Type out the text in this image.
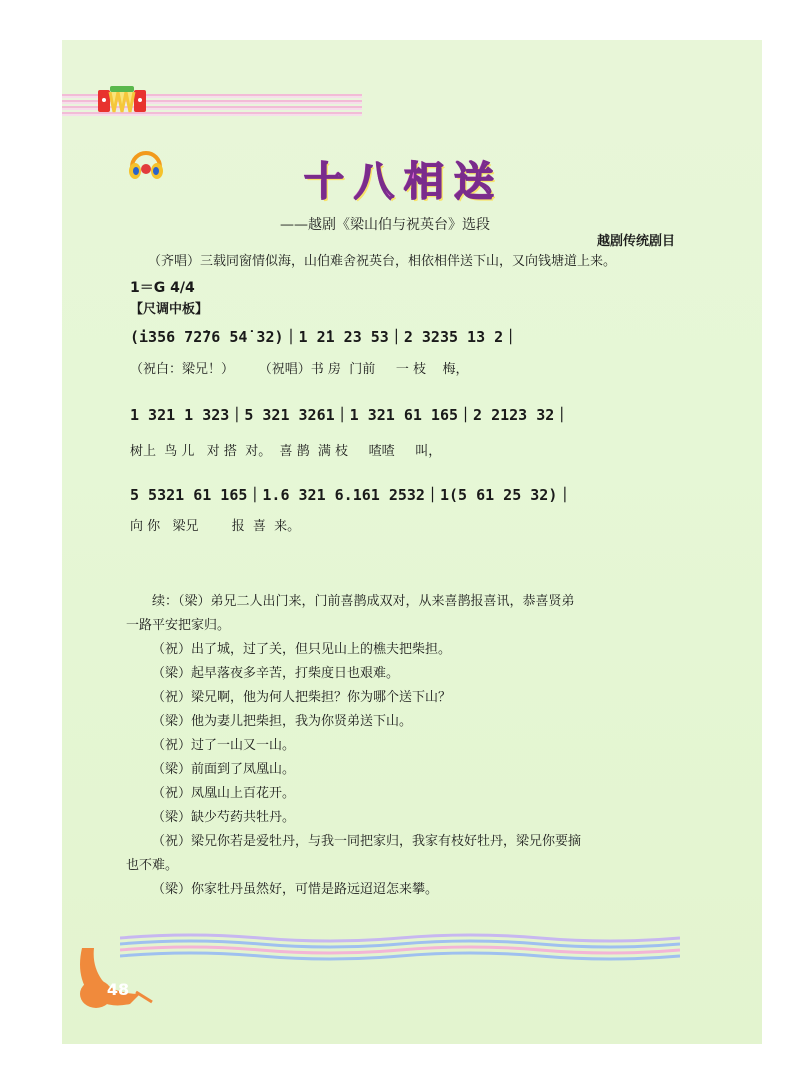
十八相送
——越剧《梁山伯与祝英台》选段
越剧传统剧目
（齐唱）三载同窗情似海，山伯难舍祝英台，相依相伴送下山，又向钱塘道上来。
1＝G 4/4
【尺调中板】
(i356 72̇76 54̇ 32)｜1 2̇1 23 53｜2 3235 13 2｜
（祝白：梁兄！）      （祝唱）书 房  门前     一 枝    梅，
1 321 1 323｜5 321 3261｜1 321 61 165｜2 2123 32｜
树上  鸟 儿   对 搭  对。  喜 鹊  满 枝     喳喳     叫，
5 5321 61 165｜1.6 321 6.161 2532｜1(5 61 25 32)｜
向 你   梁兄        报  喜  来。

续：（梁）弟兄二人出门来，门前喜鹊成双对，从来喜鹊报喜讯，恭喜贤弟

一路平安把家归。

（祝）出了城，过了关，但只见山上的樵夫把柴担。

（梁）起早落夜多辛苦，打柴度日也艰难。

（祝）梁兄啊，他为何人把柴担？你为哪个送下山？

（梁）他为妻儿把柴担，我为你贤弟送下山。

（祝）过了一山又一山。

（梁）前面到了凤凰山。

（祝）凤凰山上百花开。

（梁）缺少芍药共牡丹。

（祝）梁兄你若是爱牡丹，与我一同把家归，我家有枝好牡丹，梁兄你要摘

也不难。

（梁）你家牡丹虽然好，可惜是路远迢迢怎来攀。

48
